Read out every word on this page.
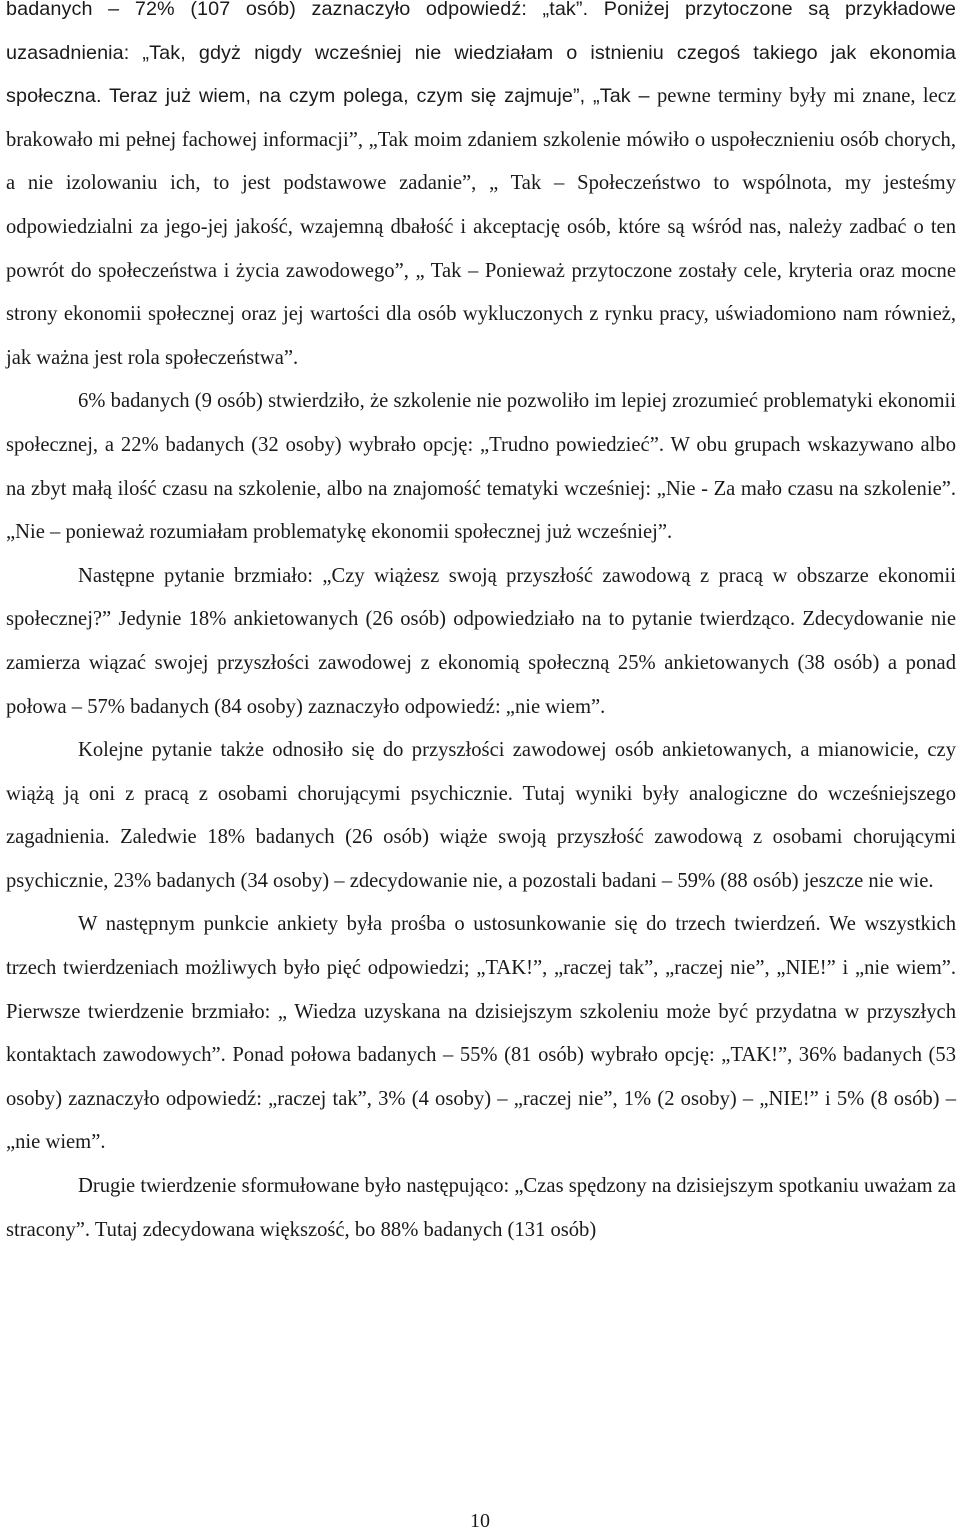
badanych – 72% (107 osób) zaznaczyło odpowiedź: „tak”. Poniżej przytoczone są przykładowe uzasadnienia: „Tak, gdyż nigdy wcześniej nie wiedziałam o istnieniu czegoś takiego jak ekonomia społeczna. Teraz już wiem, na czym polega, czym się zajmuje”, „Tak – pewne terminy były mi znane, lecz brakowało mi pełnej fachowej informacji”, „Tak moim zdaniem szkolenie mówiło o uspołecznieniu osób chorych, a nie izolowaniu ich, to jest podstawowe zadanie”, „ Tak – Społeczeństwo to wspólnota, my jesteśmy odpowiedzialni za jego-jej jakość, wzajemną dbałość i akceptację osób, które są wśród nas, należy zadbać o ten powrót do społeczeństwa i życia zawodowego”, „ Tak – Ponieważ przytoczone zostały cele, kryteria oraz mocne strony ekonomii społecznej oraz jej wartości dla osób wykluczonych z rynku pracy, uświadomiono nam również, jak ważna jest rola społeczeństwa”.

6% badanych (9 osób) stwierdziło, że szkolenie nie pozwoliło im lepiej zrozumieć problematyki ekonomii społecznej, a 22% badanych (32 osoby) wybrało opcję: „Trudno powiedzieć”. W obu grupach wskazywano albo na zbyt małą ilość czasu na szkolenie, albo na znajomość tematyki wcześniej: „Nie - Za mało czasu na szkolenie”. „Nie – ponieważ rozumiałam problematykę ekonomii społecznej już wcześniej”.

Następne pytanie brzmiało: „Czy wiążesz swoją przyszłość zawodową z pracą w obszarze ekonomii społecznej?” Jedynie 18% ankietowanych (26 osób) odpowiedziało na to pytanie twierdząco. Zdecydowanie nie zamierza wiązać swojej przyszłości zawodowej z ekonomią społeczną 25% ankietowanych (38 osób) a ponad połowa – 57% badanych (84 osoby) zaznaczyło odpowiedź: „nie wiem”.

Kolejne pytanie także odnosiło się do przyszłości zawodowej osób ankietowanych, a mianowicie, czy wiążą ją oni z pracą z osobami chorującymi psychicznie. Tutaj wyniki były analogiczne do wcześniejszego zagadnienia. Zaledwie 18% badanych (26 osób) wiąże swoją przyszłość zawodową z osobami chorującymi psychicznie, 23% badanych (34 osoby) – zdecydowanie nie, a pozostali badani – 59% (88 osób) jeszcze nie wie.

W następnym punkcie ankiety była prośba o ustosunkowanie się do trzech twierdzeń. We wszystkich trzech twierdzeniach możliwych było pięć odpowiedzi; „TAK!”, „raczej tak”, „raczej nie”, „NIE!” i „nie wiem”. Pierwsze twierdzenie brzmiało: „ Wiedza uzyskana na dzisiejszym szkoleniu może być przydatna w przyszłych kontaktach zawodowych”. Ponad połowa badanych – 55% (81 osób) wybrało opcję: „TAK!”, 36% badanych (53 osoby) zaznaczyło odpowiedź: „raczej tak”, 3% (4 osoby) – „raczej nie”, 1% (2 osoby) – „NIE!” i 5% (8 osób) – „nie wiem”.

Drugie twierdzenie sformułowane było następująco: „Czas spędzony na dzisiejszym spotkaniu uważam za stracony”. Tutaj zdecydowana większość, bo 88% badanych (131 osób)

10
